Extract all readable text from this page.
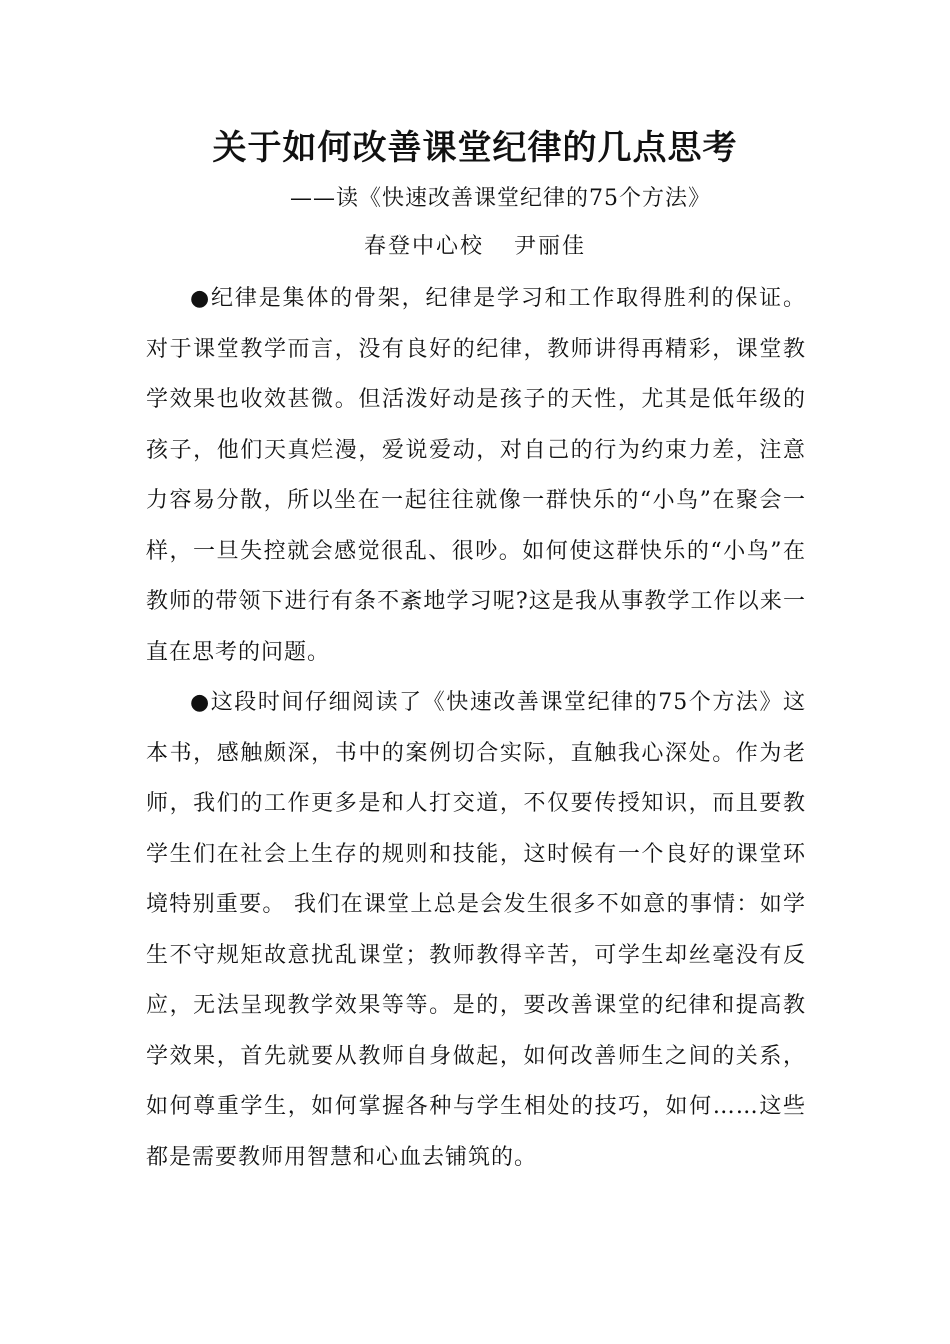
关于如何改善课堂纪律的几点思考

——读《快速改善课堂纪律的75个方法》

春登中心校 尹丽佳

●纪律是集体的骨架，纪律是学习和工作取得胜利的保证。对于课堂教学而言，没有良好的纪律，教师讲得再精彩，课堂教学效果也收效甚微。但活泼好动是孩子的天性，尤其是低年级的孩子，他们天真烂漫，爱说爱动，对自己的行为约束力差，注意力容易分散，所以坐在一起往往就像一群快乐的“小鸟”在聚会一样，一旦失控就会感觉很乱、很吵。如何使这群快乐的“小鸟”在教师的带领下进行有条不紊地学习呢?这是我从事教学工作以来一直在思考的问题。

●这段时间仔细阅读了《快速改善课堂纪律的75个方法》这本书，感触颇深，书中的案例切合实际，直触我心深处。作为老师，我们的工作更多是和人打交道，不仅要传授知识，而且要教学生们在社会上生存的规则和技能，这时候有一个良好的课堂环境特别重要。 我们在课堂上总是会发生很多不如意的事情：如学生不守规矩故意扰乱课堂；教师教得辛苦，可学生却丝毫没有反应，无法呈现教学效果等等。是的，要改善课堂的纪律和提高教学效果，首先就要从教师自身做起，如何改善师生之间的关系，如何尊重学生，如何掌握各种与学生相处的技巧，如何……这些都是需要教师用智慧和心血去铺筑的。
